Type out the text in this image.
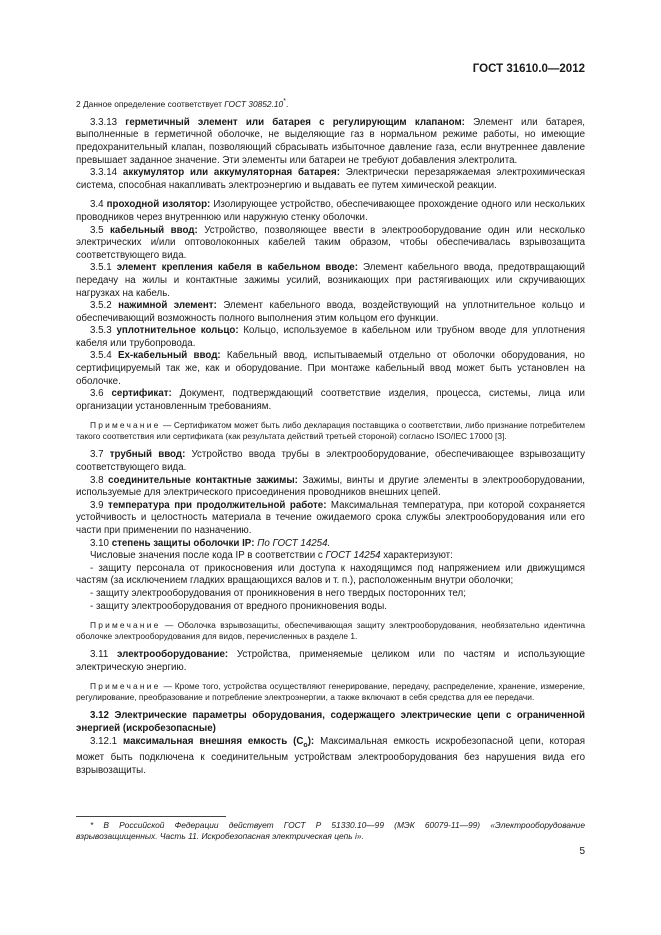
ГОСТ 31610.0—2012

2 Данное определение соответствует ГОСТ 30852.10*.

3.3.13 герметичный элемент или батарея с регулирующим клапаном: Элемент или батарея, выполненные в герметичной оболочке, не выделяющие газ в нормальном режиме работы, но имеющие предохранительный клапан, позволяющий сбрасывать избыточное давление газа, если внутреннее давление превышает заданное значение. Эти элементы или батареи не требуют добавления электролита.

3.3.14 аккумулятор или аккумуляторная батарея: Электрически перезаряжаемая электрохимическая система, способная накапливать электроэнергию и выдавать ее путем химической реакции.

3.4 проходной изолятор: Изолирующее устройство, обеспечивающее прохождение одного или нескольких проводников через внутреннюю или наружную стенку оболочки.

3.5 кабельный ввод: Устройство, позволяющее ввести в электрооборудование один или несколько электрических и/или оптоволоконных кабелей таким образом, чтобы обеспечивалась взрывозащита соответствующего вида.

3.5.1 элемент крепления кабеля в кабельном вводе: Элемент кабельного ввода, предотвращающий передачу на жилы и контактные зажимы усилий, возникающих при растягивающих или скручивающих нагрузках на кабель.

3.5.2 нажимной элемент: Элемент кабельного ввода, воздействующий на уплотнительное кольцо и обеспечивающий возможность полного выполнения этим кольцом его функции.

3.5.3 уплотнительное кольцо: Кольцо, используемое в кабельном или трубном вводе для уплотнения кабеля или трубопровода.

3.5.4 Ех-кабельный ввод: Кабельный ввод, испытываемый отдельно от оболочки оборудования, но сертифицируемый так же, как и оборудование. При монтаже кабельный ввод может быть установлен на оболочке.

3.6 сертификат: Документ, подтверждающий соответствие изделия, процесса, системы, лица или организации установленным требованиям.

Примечание — Сертификатом может быть либо декларация поставщика о соответствии, либо признание потребителем такого соответствия или сертификата (как результата действий третьей стороной) согласно ISO/IEC 17000 [3].

3.7 трубный ввод: Устройство ввода трубы в электрооборудование, обеспечивающее взрывозащиту соответствующего вида.

3.8 соединительные контактные зажимы: Зажимы, винты и другие элементы в электрооборудовании, используемые для электрического присоединения проводников внешних цепей.

3.9 температура при продолжительной работе: Максимальная температура, при которой сохраняется устойчивость и целостность материала в течение ожидаемого срока службы электрооборудования или его части при применении по назначению.

3.10 степень защиты оболочки IP: По ГОСТ 14254.

Числовые значения после кода IP в соответствии с ГОСТ 14254 характеризуют:

- защиту персонала от прикосновения или доступа к находящимся под напряжением или движущимся частям (за исключением гладких вращающихся валов и т. п.), расположенным внутри оболочки;

- защиту электрооборудования от проникновения в него твердых посторонних тел;

- защиту электрооборудования от вредного проникновения воды.

Примечание — Оболочка взрывозащиты, обеспечивающая защиту электрооборудования, необязательно идентична оболочке электрооборудования для видов, перечисленных в разделе 1.

3.11 электрооборудование: Устройства, применяемые целиком или по частям и использующие электрическую энергию.

Примечание — Кроме того, устройства осуществляют генерирование, передачу, распределение, хранение, измерение, регулирование, преобразование и потребление электроэнергии, а также включают в себя средства для ее передачи.

3.12 Электрические параметры оборудования, содержащего электрические цепи с ограниченной энергией (искробезопасные)

3.12.1 максимальная внешняя емкость $(C_o)$: Максимальная емкость искробезопасной цепи, которая может быть подключена к соединительным устройствам электрооборудования без нарушения вида его взрывозащиты.

* В Российской Федерации действует ГОСТ Р 51330.10—99 (МЭК 60079-11—99) «Электрооборудование взрывозащищенных. Часть 11. Искробезопасная электрическая цепь i».
5
